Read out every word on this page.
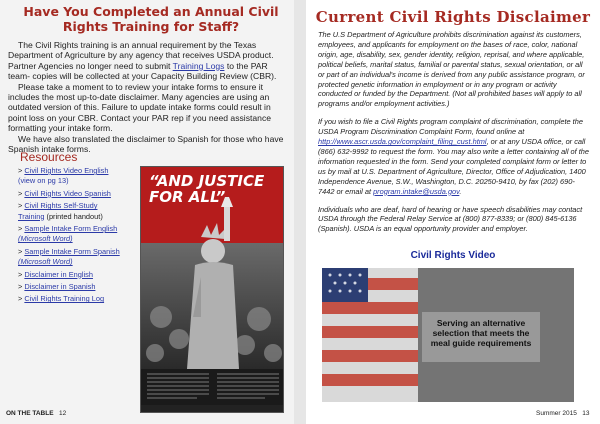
Have You Completed an Annual Civil Rights Training for Staff?

The Civil Rights training is an annual requirement by the Texas Department of Agriculture by any agency that receives USDA product. Partner Agencies no longer need to submit Training Logs to the PAR team- copies will be collected at your Capacity Building Review (CBR).

Please take a moment to to review your intake forms to ensure it includes the most up-to-date disclaimer. Many agencies are using an outdated version of this. Failure to update intake forms could result in point loss on your CBR. Contact your PAR rep if you need assistance formatting your intake form.

We have also translated the disclaimer to Spanish for those who have Spanish intake forms.

Resources
> Civil Rights Video English
(view on pg 13)
> Civil Rights Video Spanish
> Civil Rights Self-Study
Training (printed handout)
> Sample Intake Form English
(Microsoft Word)
> Sample Intake Form Spanish
(Microsoft Word)
> Disclaimer in English
> Disclaimer in Spanish
> Civil Rights Training Log
“AND JUSTICE FOR ALL”
ON THE TABLE 12
Current Civil Rights Disclaimer

The U.S Department of Agriculture prohibits discrimination against its customers, employees, and applicants for employment on the bases of race, color, national origin, age, disability, sex, gender identity, religion, reprisal, and where applicable, political beliefs, marital status, familial or parental status, sexual orientation, or all or part of an individual's income is derived from any public assistance program, or protected genetic information in employment or in any program or activity conducted or funded by the Department. (Not all prohibited bases will apply to all programs and/or employment activities.)

If you wish to file a Civil Rights program complaint of discrimination, complete the USDA Program Discrimination Complaint Form, found online at http://www.ascr.usda.gov/complaint_filing_cust.html, or at any USDA office, or call (866) 632-9992 to request the form. You may also write a letter containing all of the information requested in the form. Send your completed complaint form or letter to us by mail at U.S. Department of Agriculture, Director, Office of Adjudication, 1400 Independence Avenue, S.W., Washington, D.C. 20250-9410, by fax (202) 690-7442 or email at program.intake@usda.gov.

Individuals who are deaf, hard of hearing or have speech disabilities may contact USDA through the Federal Relay Service at (800) 877-8339; or (800) 845-6136 (Spanish). USDA is an equal opportunity provider and employer.

Civil Rights Video
Serving an alternative selection that meets the meal guide requirements
Summer 2015 13
